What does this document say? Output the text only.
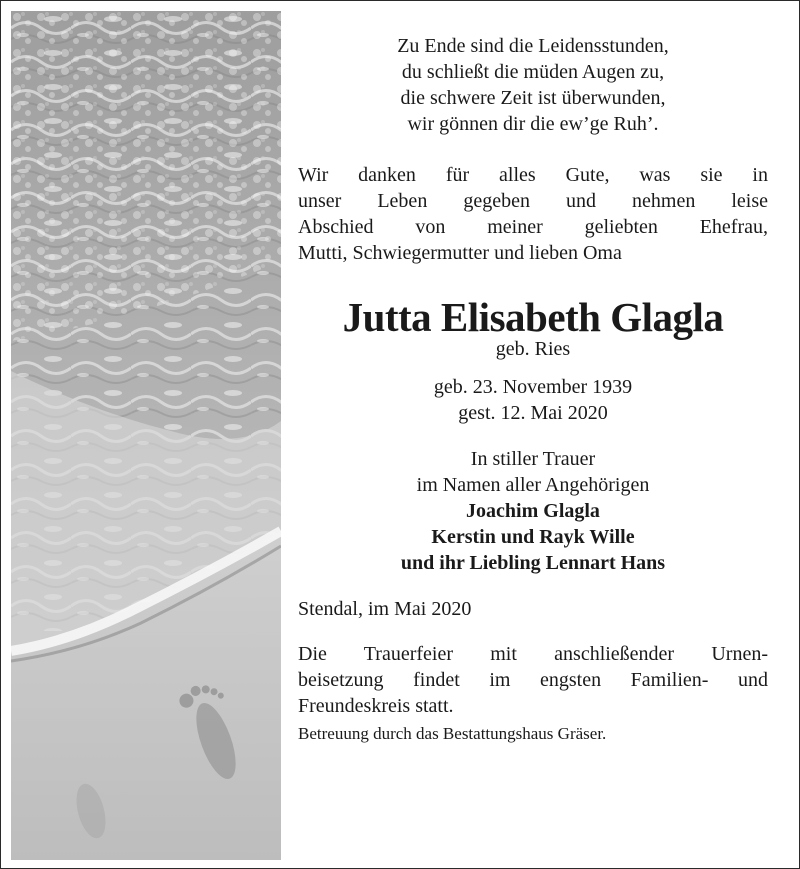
Zu Ende sind die Leidensstunden,
du schließt die müden Augen zu,
die schwere Zeit ist überwunden,
wir gönnen dir die ew’ge Ruh’.
Wir danken für alles Gute, was sie in
unser Leben gegeben und nehmen leise
Abschied von meiner geliebten Ehefrau,
Mutti, Schwiegermutter und lieben Oma
Jutta Elisabeth Glagla
geb. Ries
geb. 23. November 1939
gest. 12. Mai 2020
In stiller Trauer
im Namen aller Angehörigen
Joachim Glagla
Kerstin und Rayk Wille
und ihr Liebling Lennart Hans
Stendal, im Mai 2020
Die Trauerfeier mit anschließender Urnen-
beisetzung findet im engsten Familien- und
Freundeskreis statt.
Betreuung durch das Bestattungshaus Gräser.
